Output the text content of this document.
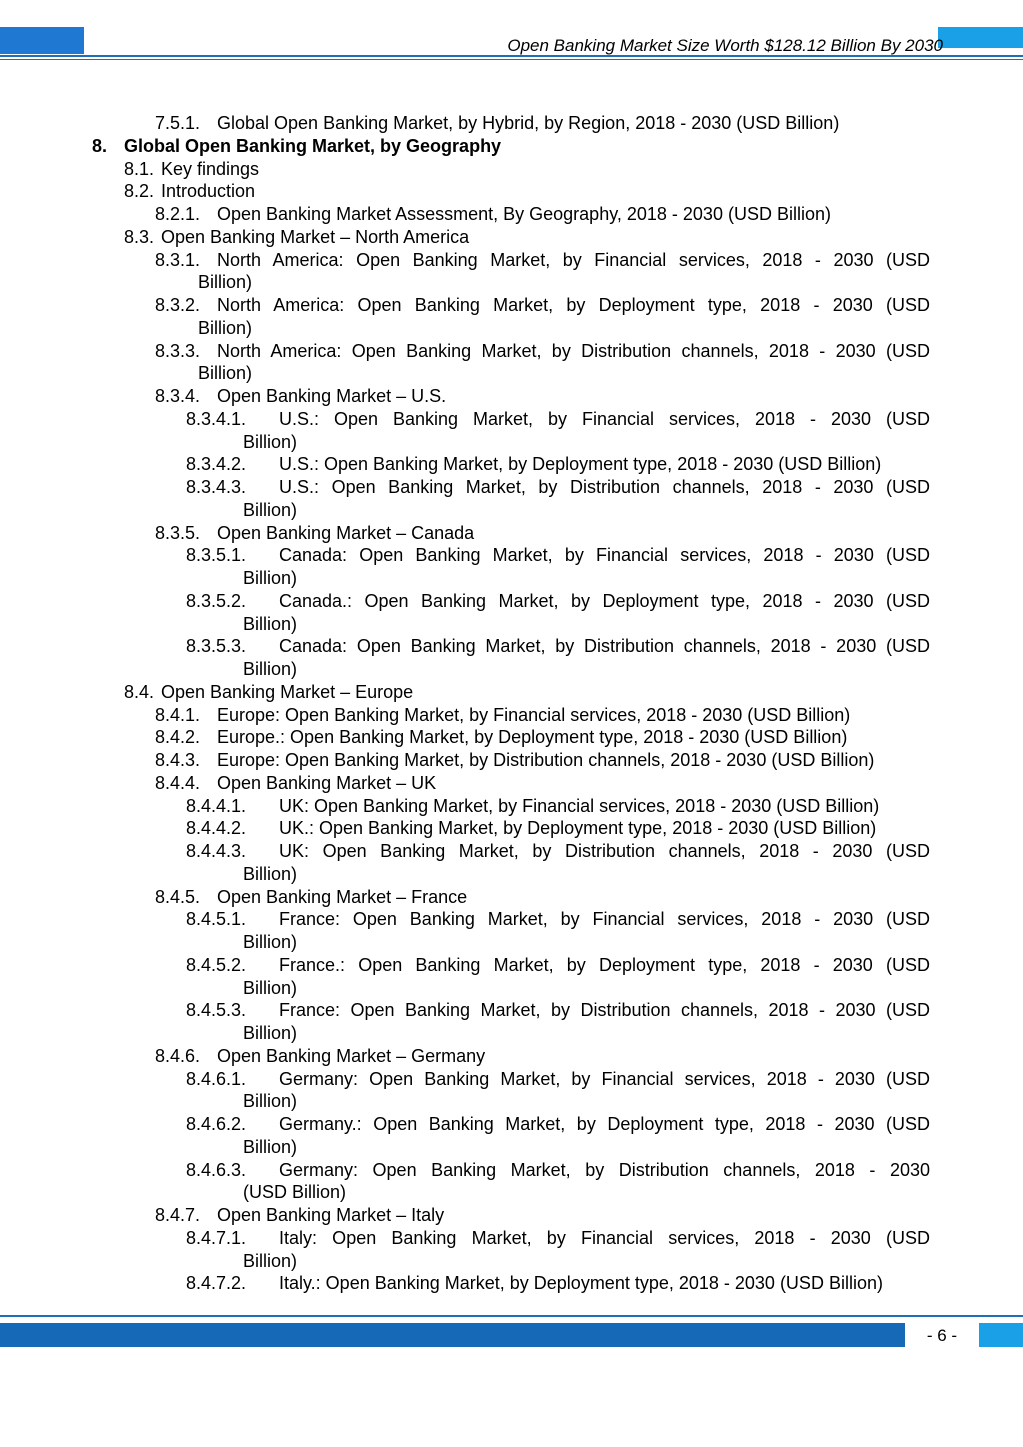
Open Banking Market Size Worth $128.12 Billion By 2030
7.5.1. Global Open Banking Market, by Hybrid, by Region, 2018 - 2030 (USD Billion)
8. Global Open Banking Market, by Geography
8.1. Key findings
8.2. Introduction
8.2.1. Open Banking Market Assessment, By Geography, 2018 - 2030 (USD Billion)
8.3. Open Banking Market – North America
8.3.1. North America: Open Banking Market, by Financial services, 2018 - 2030 (USD
Billion)
8.3.2. North America: Open Banking Market, by Deployment type, 2018 - 2030 (USD
Billion)
8.3.3. North America: Open Banking Market, by Distribution channels, 2018 - 2030 (USD
Billion)
8.3.4. Open Banking Market – U.S.
8.3.4.1. U.S.: Open Banking Market, by Financial services, 2018 - 2030 (USD
Billion)
8.3.4.2. U.S.: Open Banking Market, by Deployment type, 2018 - 2030 (USD Billion)
8.3.4.3. U.S.: Open Banking Market, by Distribution channels, 2018 - 2030 (USD
Billion)
8.3.5. Open Banking Market – Canada
8.3.5.1. Canada: Open Banking Market, by Financial services, 2018 - 2030 (USD
Billion)
8.3.5.2. Canada.: Open Banking Market, by Deployment type, 2018 - 2030 (USD
Billion)
8.3.5.3. Canada: Open Banking Market, by Distribution channels, 2018 - 2030 (USD
Billion)
8.4. Open Banking Market – Europe
8.4.1. Europe: Open Banking Market, by Financial services, 2018 - 2030 (USD Billion)
8.4.2. Europe.: Open Banking Market, by Deployment type, 2018 - 2030 (USD Billion)
8.4.3. Europe: Open Banking Market, by Distribution channels, 2018 - 2030 (USD Billion)
8.4.4. Open Banking Market – UK
8.4.4.1. UK: Open Banking Market, by Financial services, 2018 - 2030 (USD Billion)
8.4.4.2. UK.: Open Banking Market, by Deployment type, 2018 - 2030 (USD Billion)
8.4.4.3. UK: Open Banking Market, by Distribution channels, 2018 - 2030 (USD
Billion)
8.4.5. Open Banking Market – France
8.4.5.1. France: Open Banking Market, by Financial services, 2018 - 2030 (USD
Billion)
8.4.5.2. France.: Open Banking Market, by Deployment type, 2018 - 2030 (USD
Billion)
8.4.5.3. France: Open Banking Market, by Distribution channels, 2018 - 2030 (USD
Billion)
8.4.6. Open Banking Market – Germany
8.4.6.1. Germany: Open Banking Market, by Financial services, 2018 - 2030 (USD
Billion)
8.4.6.2. Germany.: Open Banking Market, by Deployment type, 2018 - 2030 (USD
Billion)
8.4.6.3. Germany: Open Banking Market, by Distribution channels, 2018 - 2030
(USD Billion)
8.4.7. Open Banking Market – Italy
8.4.7.1. Italy: Open Banking Market, by Financial services, 2018 - 2030 (USD
Billion)
8.4.7.2. Italy.: Open Banking Market, by Deployment type, 2018 - 2030 (USD Billion)
- 6 -
